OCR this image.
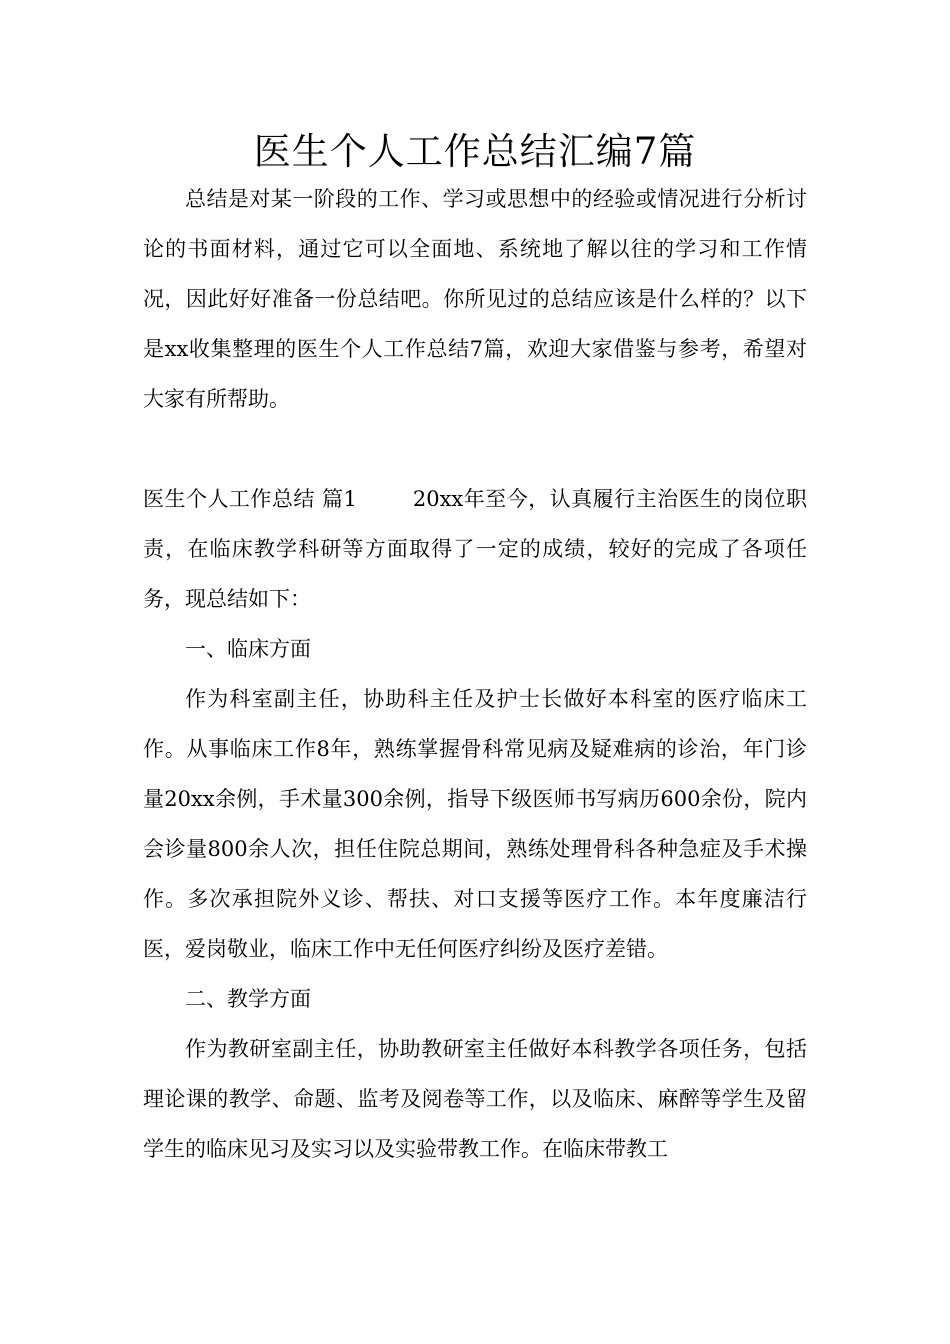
医生个人工作总结汇编7篇

总结是对某一阶段的工作、学习或思想中的经验或情况进行分析讨论的书面材料，通过它可以全面地、系统地了解以往的学习和工作情况，因此好好准备一份总结吧。你所见过的总结应该是什么样的？以下是xx收集整理的医生个人工作总结7篇，欢迎大家借鉴与参考，希望对大家有所帮助。

医生个人工作总结 篇1	20xx年至今，认真履行主治医生的岗位职责，在临床教学科研等方面取得了一定的成绩，较好的完成了各项任务，现总结如下：

一、临床方面

作为科室副主任，协助科主任及护士长做好本科室的医疗临床工作。从事临床工作8年，熟练掌握骨科常见病及疑难病的诊治，年门诊量20xx余例，手术量300余例，指导下级医师书写病历600余份，院内会诊量800余人次，担任住院总期间，熟练处理骨科各种急症及手术操作。多次承担院外义诊、帮扶、对口支援等医疗工作。本年度廉洁行医，爱岗敬业，临床工作中无任何医疗纠纷及医疗差错。

二、教学方面

作为教研室副主任，协助教研室主任做好本科教学各项任务，包括理论课的教学、命题、监考及阅卷等工作，以及临床、麻醉等学生及留学生的临床见习及实习以及实验带教工作。在临床带教工
